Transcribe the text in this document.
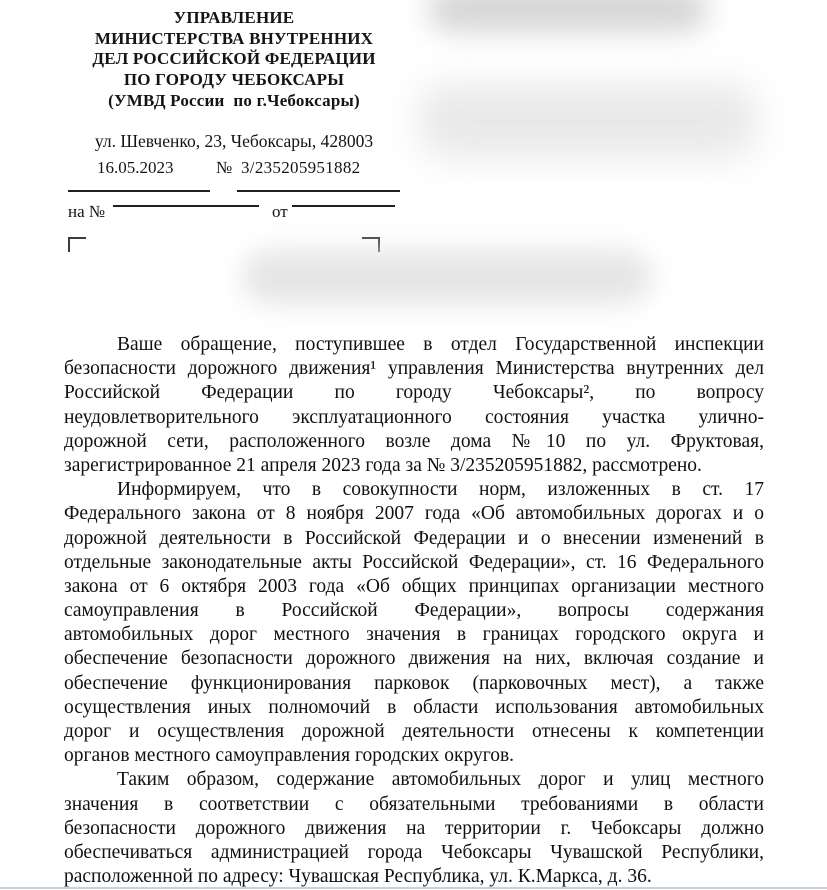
УПРАВЛЕНИЕ
МИНИСТЕРСТВА ВНУТРЕННИХ
ДЕЛ РОССИЙСКОЙ ФЕДЕРАЦИИ
ПО ГОРОДУ ЧЕБОКСАРЫ
(УМВД России  по г.Чебоксары)
ул. Шевченко, 23, Чебоксары, 428003
16.05.2023	№ 3/235205951882
на №	от
Ваше обращение, поступившее в отдел Государственной инспекции
безопасности дорожного движения¹ управления Министерства внутренних дел
Российской Федерации по городу Чебоксары², по вопросу
неудовлетворительного эксплуатационного состояния участка улично-
дорожной сети, расположенного возле дома №10 по ул. Фруктовая,
зарегистрированное 21 апреля 2023 года за № 3/235205951882, рассмотрено.
Информируем, что в совокупности норм, изложенных в ст. 17
Федерального закона от 8 ноября 2007 года «Об автомобильных дорогах и о
дорожной деятельности в Российской Федерации и о внесении изменений в
отдельные законодательные акты Российской Федерации», ст. 16 Федерального
закона от 6 октября 2003 года «Об общих принципах организации местного
самоуправления в Российской Федерации», вопросы содержания
автомобильных дорог местного значения в границах городского округа и
обеспечение безопасности дорожного движения на них, включая создание и
обеспечение функционирования парковок (парковочных мест), а также
осуществления иных полномочий в области использования автомобильных
дорог и осуществления дорожной деятельности отнесены к компетенции
органов местного самоуправления городских округов.
Таким образом, содержание автомобильных дорог и улиц местного
значения в соответствии с обязательными требованиями в области
безопасности дорожного движения на территории г. Чебоксары должно
обеспечиваться администрацией города Чебоксары Чувашской Республики,
расположенной по адресу: Чувашская Республика, ул. К.Маркса, д. 36.
